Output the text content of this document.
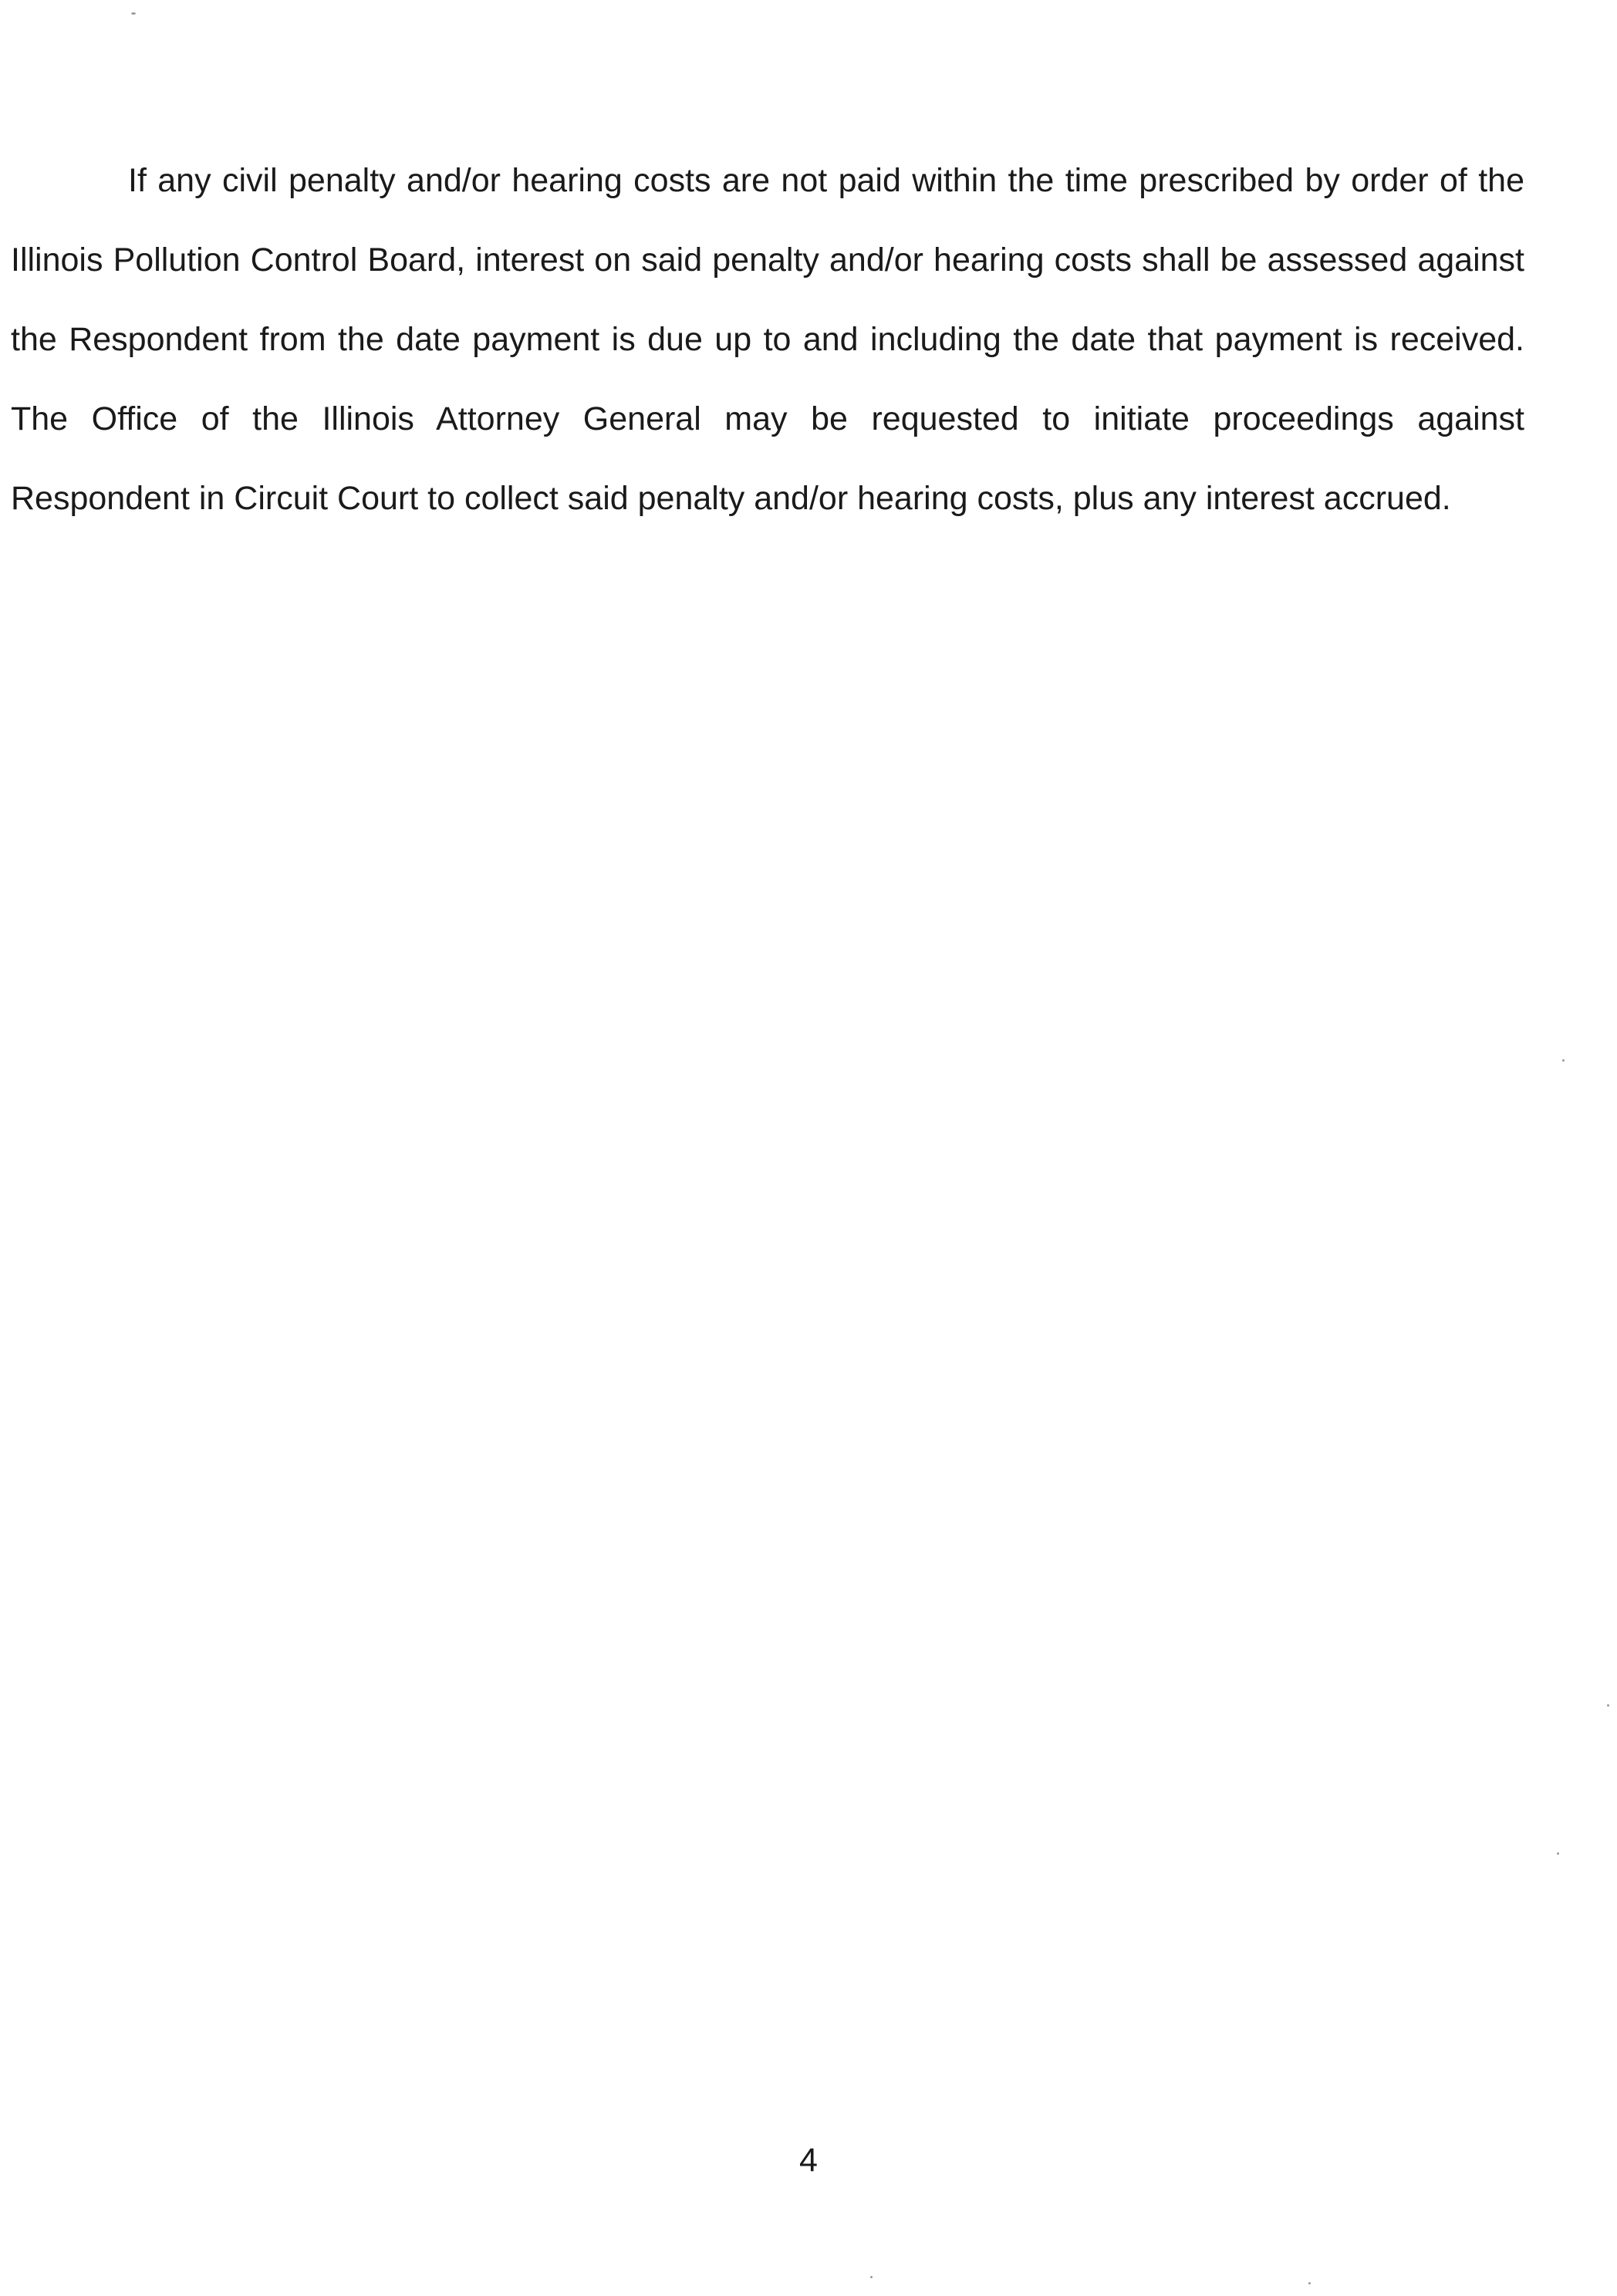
If any civil penalty and/or hearing costs are not paid within the time prescribed by order of the Illinois Pollution Control Board, interest on said penalty and/or hearing costs shall be assessed against the Respondent from the date payment is due up to and including the date that payment is received. The Office of the Illinois Attorney General may be requested to initiate proceedings against Respondent in Circuit Court to collect said penalty and/or hearing costs, plus any interest accrued.

4
